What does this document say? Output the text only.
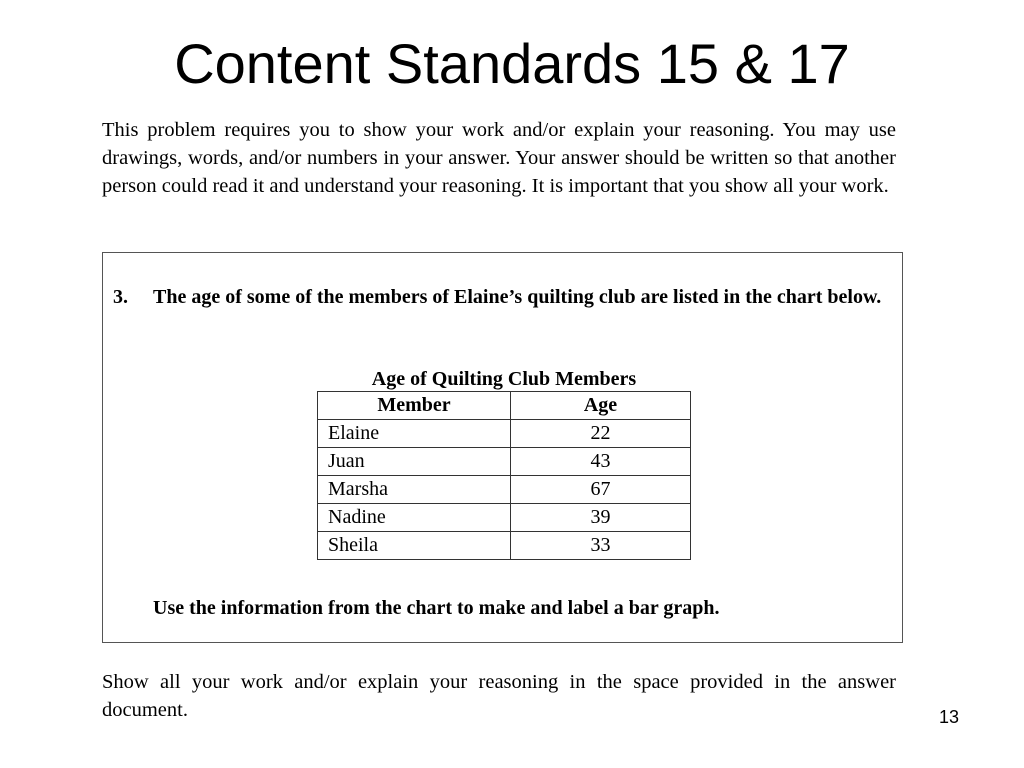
Content Standards 15 & 17

This problem requires you to show your work and/or explain your reasoning. You may use drawings, words, and/or numbers in your answer. Your answer should be written so that another person could read it and understand your reasoning. It is important that you show all your work.

3. The age of some of the members of Elaine’s quilting club are listed in the chart below.

Age of Quilting Club Members
Member	Age
Elaine	22
Juan	43
Marsha	67
Nadine	39
Sheila	33

Use the information from the chart to make and label a bar graph.

Show all your work and/or explain your reasoning in the space provided in the answer document.	13
